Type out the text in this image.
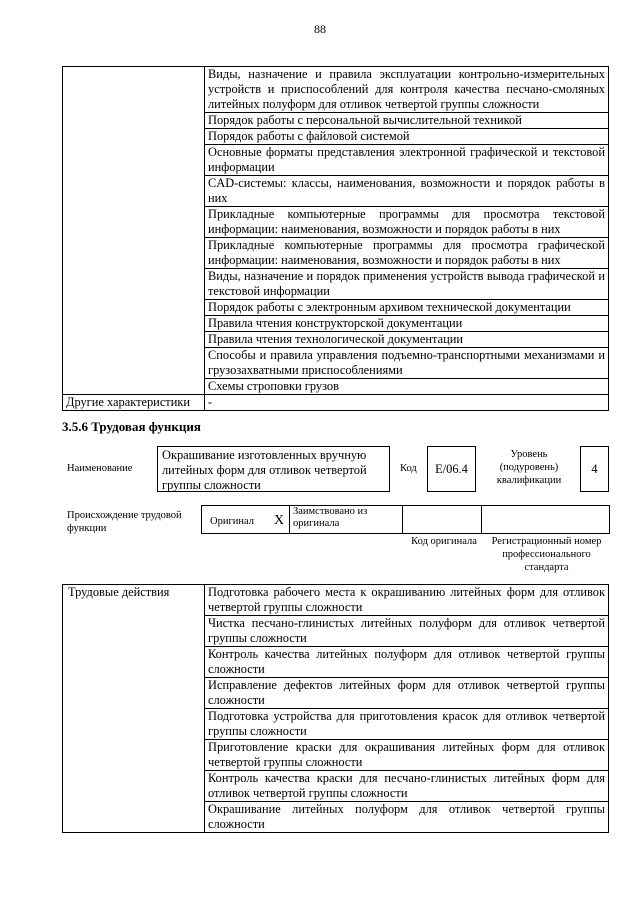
88
	Виды, назначение и правила эксплуатации контрольно-измерительных устройств и приспособлений для контроля качества песчано-смоляных литейных полуформ для отливок четвертой группы сложности
	Порядок работы с персональной вычислительной техникой
	Порядок работы с файловой системой
	Основные форматы представления электронной графической и текстовой информации
	CAD-системы: классы, наименования, возможности и порядок работы в них
	Прикладные компьютерные программы для просмотра текстовой информации: наименования, возможности и порядок работы в них
	Прикладные компьютерные программы для просмотра графической информации: наименования, возможности и порядок работы в них
	Виды, назначение и порядок применения устройств вывода графической и текстовой информации
	Порядок работы с электронным архивом технической документации
	Правила чтения конструкторской документации
	Правила чтения технологической документации
	Способы и правила управления подъемно-транспортными механизмами и грузозахватными приспособлениями
	Схемы строповки грузов
Другие характеристики	-
3.5.6 Трудовая функция
Наименование
Окрашивание изготовленных вручную литейных форм для отливок четвертой группы сложности
Код	E/06.4
Уровень (подуровень) квалификации
4
Происхождение трудовой функции
Оригинал X	Заимствовано из оригинала		
Код оригинала	Регистрационный номер профессионального стандарта
Трудовые действия	Подготовка рабочего места к окрашиванию литейных форм для отливок четвертой группы сложности
Чистка песчано-глинистых литейных полуформ для отливок четвертой группы сложности
Контроль качества литейных полуформ для отливок четвертой группы сложности
Исправление дефектов литейных форм для отливок четвертой группы сложности
Подготовка устройства для приготовления красок для отливок четвертой группы сложности
Приготовление краски для окрашивания литейных форм для отливок четвертой группы сложности
Контроль качества краски для песчано-глинистых литейных форм для отливок четвертой группы сложности
Окрашивание литейных полуформ для отливок четвертой группы сложности
